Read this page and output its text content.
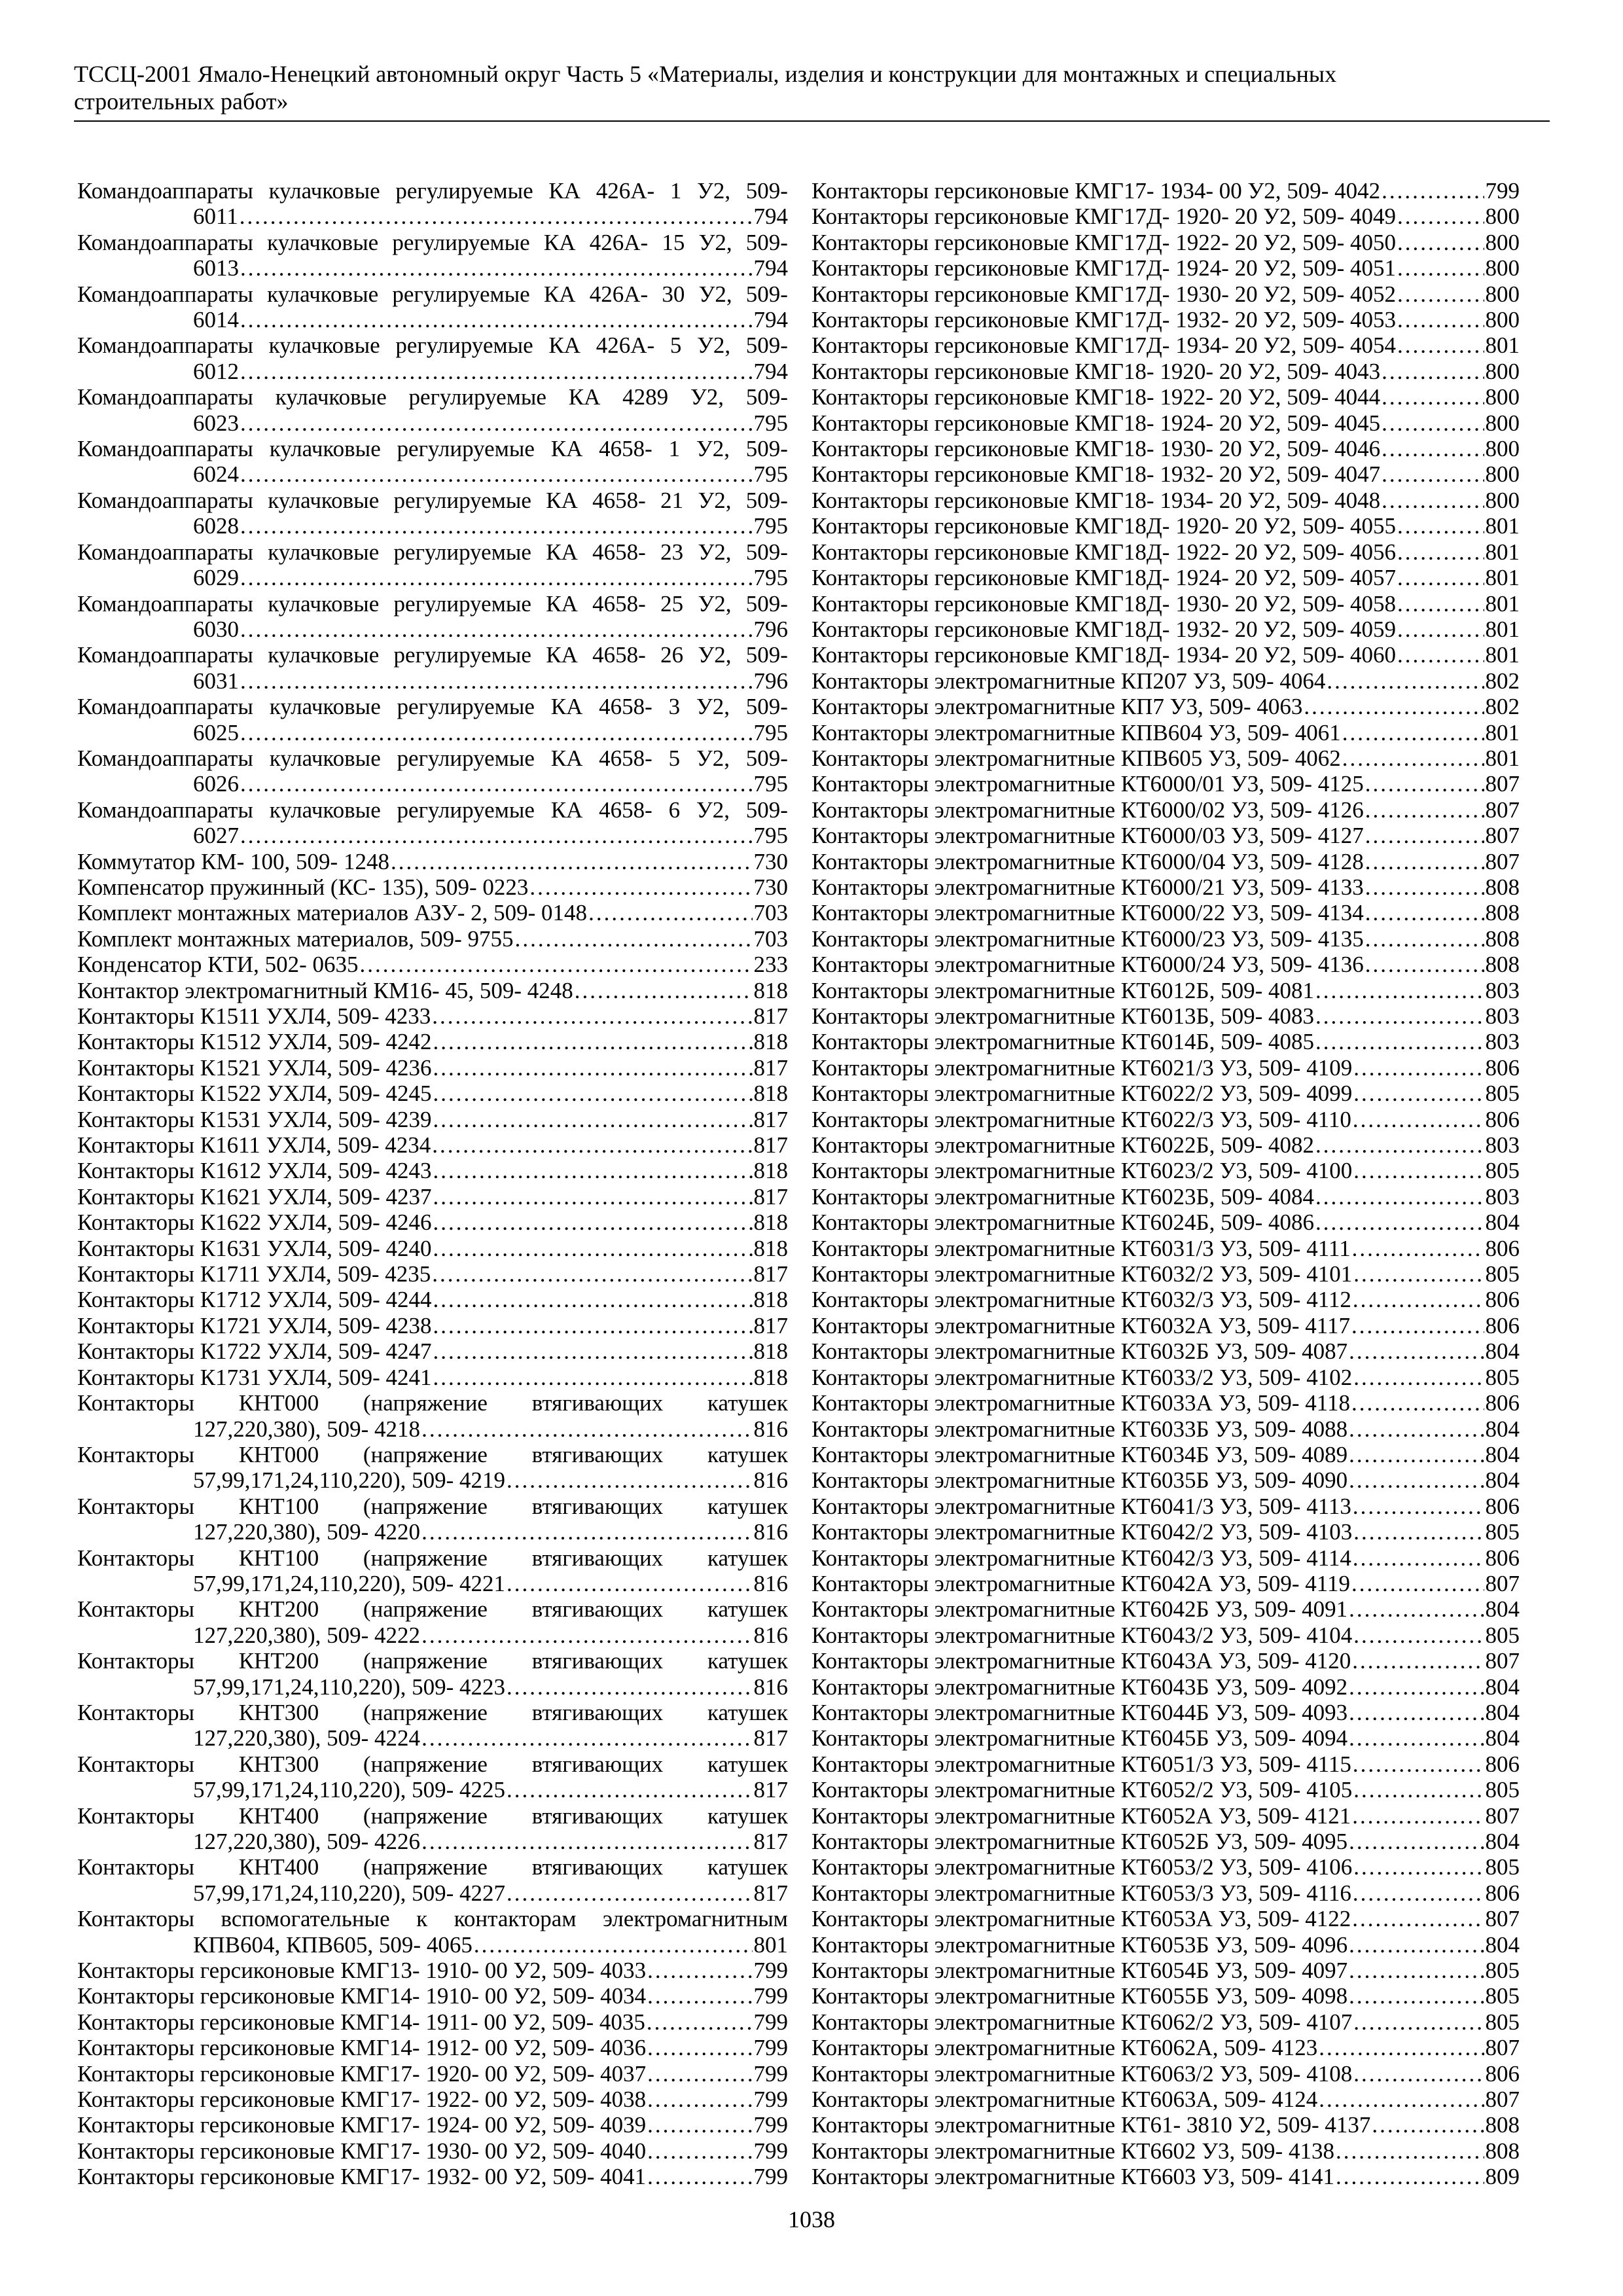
ТССЦ-2001 Ямало-Ненецкий автономный округ Часть 5 «Материалы, изделия и конструкции для монтажных и специальных
строительных работ»
Командоаппараты кулачковые регулируемые КА 426А- 1 У2, 509-
6011 .....	794
Командоаппараты кулачковые регулируемые КА 426А- 15 У2, 509-
6013 .....	794
Командоаппараты кулачковые регулируемые КА 426А- 30 У2, 509-
6014 .....	794
Командоаппараты кулачковые регулируемые КА 426А- 5 У2, 509-
6012 .....	794
Командоаппараты кулачковые регулируемые КА 4289 У2, 509-
6023 .....	795
Командоаппараты кулачковые регулируемые КА 4658- 1 У2, 509-
6024 .....	795
Командоаппараты кулачковые регулируемые КА 4658- 21 У2, 509-
6028 .....	795
Командоаппараты кулачковые регулируемые КА 4658- 23 У2, 509-
6029 .....	795
Командоаппараты кулачковые регулируемые КА 4658- 25 У2, 509-
6030 .....	796
Командоаппараты кулачковые регулируемые КА 4658- 26 У2, 509-
6031 .....	796
Командоаппараты кулачковые регулируемые КА 4658- 3 У2, 509-
6025 .....	795
Командоаппараты кулачковые регулируемые КА 4658- 5 У2, 509-
6026 .....	795
Командоаппараты кулачковые регулируемые КА 4658- 6 У2, 509-
6027 .....	795
Коммутатор КМ- 100, 509- 1248 .....	730
Компенсатор пружинный (КС- 135), 509- 0223 .....	730
Комплект монтажных материалов АЗУ- 2, 509- 0148 .....	703
Комплект монтажных материалов, 509- 9755 .....	703
Конденсатор КТИ, 502- 0635 .....	233
Контактор электромагнитный КМ16- 45, 509- 4248 .....	818
Контакторы К1511 УХЛ4, 509- 4233 .....	817
Контакторы К1512 УХЛ4, 509- 4242 .....	818
Контакторы К1521 УХЛ4, 509- 4236 .....	817
Контакторы К1522 УХЛ4, 509- 4245 .....	818
Контакторы К1531 УХЛ4, 509- 4239 .....	817
Контакторы К1611 УХЛ4, 509- 4234 .....	817
Контакторы К1612 УХЛ4, 509- 4243 .....	818
Контакторы К1621 УХЛ4, 509- 4237 .....	817
Контакторы К1622 УХЛ4, 509- 4246 .....	818
Контакторы К1631 УХЛ4, 509- 4240 .....	818
Контакторы К1711 УХЛ4, 509- 4235 .....	817
Контакторы К1712 УХЛ4, 509- 4244 .....	818
Контакторы К1721 УХЛ4, 509- 4238 .....	817
Контакторы К1722 УХЛ4, 509- 4247 .....	818
Контакторы К1731 УХЛ4, 509- 4241 .....	818
Контакторы КНТ000 (напряжение втягивающих катушек
127,220,380), 509- 4218 .....	816
Контакторы КНТ000 (напряжение втягивающих катушек
57,99,171,24,110,220), 509- 4219 .....	816
Контакторы КНТ100 (напряжение втягивающих катушек
127,220,380), 509- 4220 .....	816
Контакторы КНТ100 (напряжение втягивающих катушек
57,99,171,24,110,220), 509- 4221 .....	816
Контакторы КНТ200 (напряжение втягивающих катушек
127,220,380), 509- 4222 .....	816
Контакторы КНТ200 (напряжение втягивающих катушек
57,99,171,24,110,220), 509- 4223 .....	816
Контакторы КНТ300 (напряжение втягивающих катушек
127,220,380), 509- 4224 .....	817
Контакторы КНТ300 (напряжение втягивающих катушек
57,99,171,24,110,220), 509- 4225 .....	817
Контакторы КНТ400 (напряжение втягивающих катушек
127,220,380), 509- 4226 .....	817
Контакторы КНТ400 (напряжение втягивающих катушек
57,99,171,24,110,220), 509- 4227 .....	817
Контакторы вспомогательные к контакторам электромагнитным
КПВ604, КПВ605, 509- 4065 .....	801
Контакторы герсиконовые КМГ13- 1910- 00 У2, 509- 4033 .....	799
Контакторы герсиконовые КМГ14- 1910- 00 У2, 509- 4034 .....	799
Контакторы герсиконовые КМГ14- 1911- 00 У2, 509- 4035 .....	799
Контакторы герсиконовые КМГ14- 1912- 00 У2, 509- 4036 .....	799
Контакторы герсиконовые КМГ17- 1920- 00 У2, 509- 4037 .....	799
Контакторы герсиконовые КМГ17- 1922- 00 У2, 509- 4038 .....	799
Контакторы герсиконовые КМГ17- 1924- 00 У2, 509- 4039 .....	799
Контакторы герсиконовые КМГ17- 1930- 00 У2, 509- 4040 .....	799
Контакторы герсиконовые КМГ17- 1932- 00 У2, 509- 4041 .....	799
Контакторы герсиконовые КМГ17- 1934- 00 У2, 509- 4042 .....	799
Контакторы герсиконовые КМГ17Д- 1920- 20 У2, 509- 4049 .....	800
Контакторы герсиконовые КМГ17Д- 1922- 20 У2, 509- 4050 .....	800
Контакторы герсиконовые КМГ17Д- 1924- 20 У2, 509- 4051 .....	800
Контакторы герсиконовые КМГ17Д- 1930- 20 У2, 509- 4052 .....	800
Контакторы герсиконовые КМГ17Д- 1932- 20 У2, 509- 4053 .....	800
Контакторы герсиконовые КМГ17Д- 1934- 20 У2, 509- 4054 .....	801
Контакторы герсиконовые КМГ18- 1920- 20 У2, 509- 4043 .....	800
Контакторы герсиконовые КМГ18- 1922- 20 У2, 509- 4044 .....	800
Контакторы герсиконовые КМГ18- 1924- 20 У2, 509- 4045 .....	800
Контакторы герсиконовые КМГ18- 1930- 20 У2, 509- 4046 .....	800
Контакторы герсиконовые КМГ18- 1932- 20 У2, 509- 4047 .....	800
Контакторы герсиконовые КМГ18- 1934- 20 У2, 509- 4048 .....	800
Контакторы герсиконовые КМГ18Д- 1920- 20 У2, 509- 4055 .....	801
Контакторы герсиконовые КМГ18Д- 1922- 20 У2, 509- 4056 .....	801
Контакторы герсиконовые КМГ18Д- 1924- 20 У2, 509- 4057 .....	801
Контакторы герсиконовые КМГ18Д- 1930- 20 У2, 509- 4058 .....	801
Контакторы герсиконовые КМГ18Д- 1932- 20 У2, 509- 4059 .....	801
Контакторы герсиконовые КМГ18Д- 1934- 20 У2, 509- 4060 .....	801
Контакторы электромагнитные КП207 У3, 509- 4064 .....	802
Контакторы электромагнитные КП7 У3, 509- 4063 .....	802
Контакторы электромагнитные КПВ604 У3, 509- 4061 .....	801
Контакторы электромагнитные КПВ605 У3, 509- 4062 .....	801
Контакторы электромагнитные КТ6000/01 У3, 509- 4125 .....	807
Контакторы электромагнитные КТ6000/02 У3, 509- 4126 .....	807
Контакторы электромагнитные КТ6000/03 У3, 509- 4127 .....	807
Контакторы электромагнитные КТ6000/04 У3, 509- 4128 .....	807
Контакторы электромагнитные КТ6000/21 У3, 509- 4133 .....	808
Контакторы электромагнитные КТ6000/22 У3, 509- 4134 .....	808
Контакторы электромагнитные КТ6000/23 У3, 509- 4135 .....	808
Контакторы электромагнитные КТ6000/24 У3, 509- 4136 .....	808
Контакторы электромагнитные КТ6012Б, 509- 4081 .....	803
Контакторы электромагнитные КТ6013Б, 509- 4083 .....	803
Контакторы электромагнитные КТ6014Б, 509- 4085 .....	803
Контакторы электромагнитные КТ6021/3 У3, 509- 4109 .....	806
Контакторы электромагнитные КТ6022/2 У3, 509- 4099 .....	805
Контакторы электромагнитные КТ6022/3 У3, 509- 4110 .....	806
Контакторы электромагнитные КТ6022Б, 509- 4082 .....	803
Контакторы электромагнитные КТ6023/2 У3, 509- 4100 .....	805
Контакторы электромагнитные КТ6023Б, 509- 4084 .....	803
Контакторы электромагнитные КТ6024Б, 509- 4086 .....	804
Контакторы электромагнитные КТ6031/3 У3, 509- 4111 .....	806
Контакторы электромагнитные КТ6032/2 У3, 509- 4101 .....	805
Контакторы электромагнитные КТ6032/3 У3, 509- 4112 .....	806
Контакторы электромагнитные КТ6032А У3, 509- 4117 .....	806
Контакторы электромагнитные КТ6032Б У3, 509- 4087 .....	804
Контакторы электромагнитные КТ6033/2 У3, 509- 4102 .....	805
Контакторы электромагнитные КТ6033А У3, 509- 4118 .....	806
Контакторы электромагнитные КТ6033Б У3, 509- 4088 .....	804
Контакторы электромагнитные КТ6034Б У3, 509- 4089 .....	804
Контакторы электромагнитные КТ6035Б У3, 509- 4090 .....	804
Контакторы электромагнитные КТ6041/3 У3, 509- 4113 .....	806
Контакторы электромагнитные КТ6042/2 У3, 509- 4103 .....	805
Контакторы электромагнитные КТ6042/3 У3, 509- 4114 .....	806
Контакторы электромагнитные КТ6042А У3, 509- 4119 .....	807
Контакторы электромагнитные КТ6042Б У3, 509- 4091 .....	804
Контакторы электромагнитные КТ6043/2 У3, 509- 4104 .....	805
Контакторы электромагнитные КТ6043А У3, 509- 4120 .....	807
Контакторы электромагнитные КТ6043Б У3, 509- 4092 .....	804
Контакторы электромагнитные КТ6044Б У3, 509- 4093 .....	804
Контакторы электромагнитные КТ6045Б У3, 509- 4094 .....	804
Контакторы электромагнитные КТ6051/3 У3, 509- 4115 .....	806
Контакторы электромагнитные КТ6052/2 У3, 509- 4105 .....	805
Контакторы электромагнитные КТ6052А У3, 509- 4121 .....	807
Контакторы электромагнитные КТ6052Б У3, 509- 4095 .....	804
Контакторы электромагнитные КТ6053/2 У3, 509- 4106 .....	805
Контакторы электромагнитные КТ6053/3 У3, 509- 4116 .....	806
Контакторы электромагнитные КТ6053А У3, 509- 4122 .....	807
Контакторы электромагнитные КТ6053Б У3, 509- 4096 .....	804
Контакторы электромагнитные КТ6054Б У3, 509- 4097 .....	805
Контакторы электромагнитные КТ6055Б У3, 509- 4098 .....	805
Контакторы электромагнитные КТ6062/2 У3, 509- 4107 .....	805
Контакторы электромагнитные КТ6062А, 509- 4123 .....	807
Контакторы электромагнитные КТ6063/2 У3, 509- 4108 .....	806
Контакторы электромагнитные КТ6063А, 509- 4124 .....	807
Контакторы электромагнитные КТ61- 3810 У2, 509- 4137 .....	808
Контакторы электромагнитные КТ6602 У3, 509- 4138 .....	808
Контакторы электромагнитные КТ6603 У3, 509- 4141 .....	809
1038
